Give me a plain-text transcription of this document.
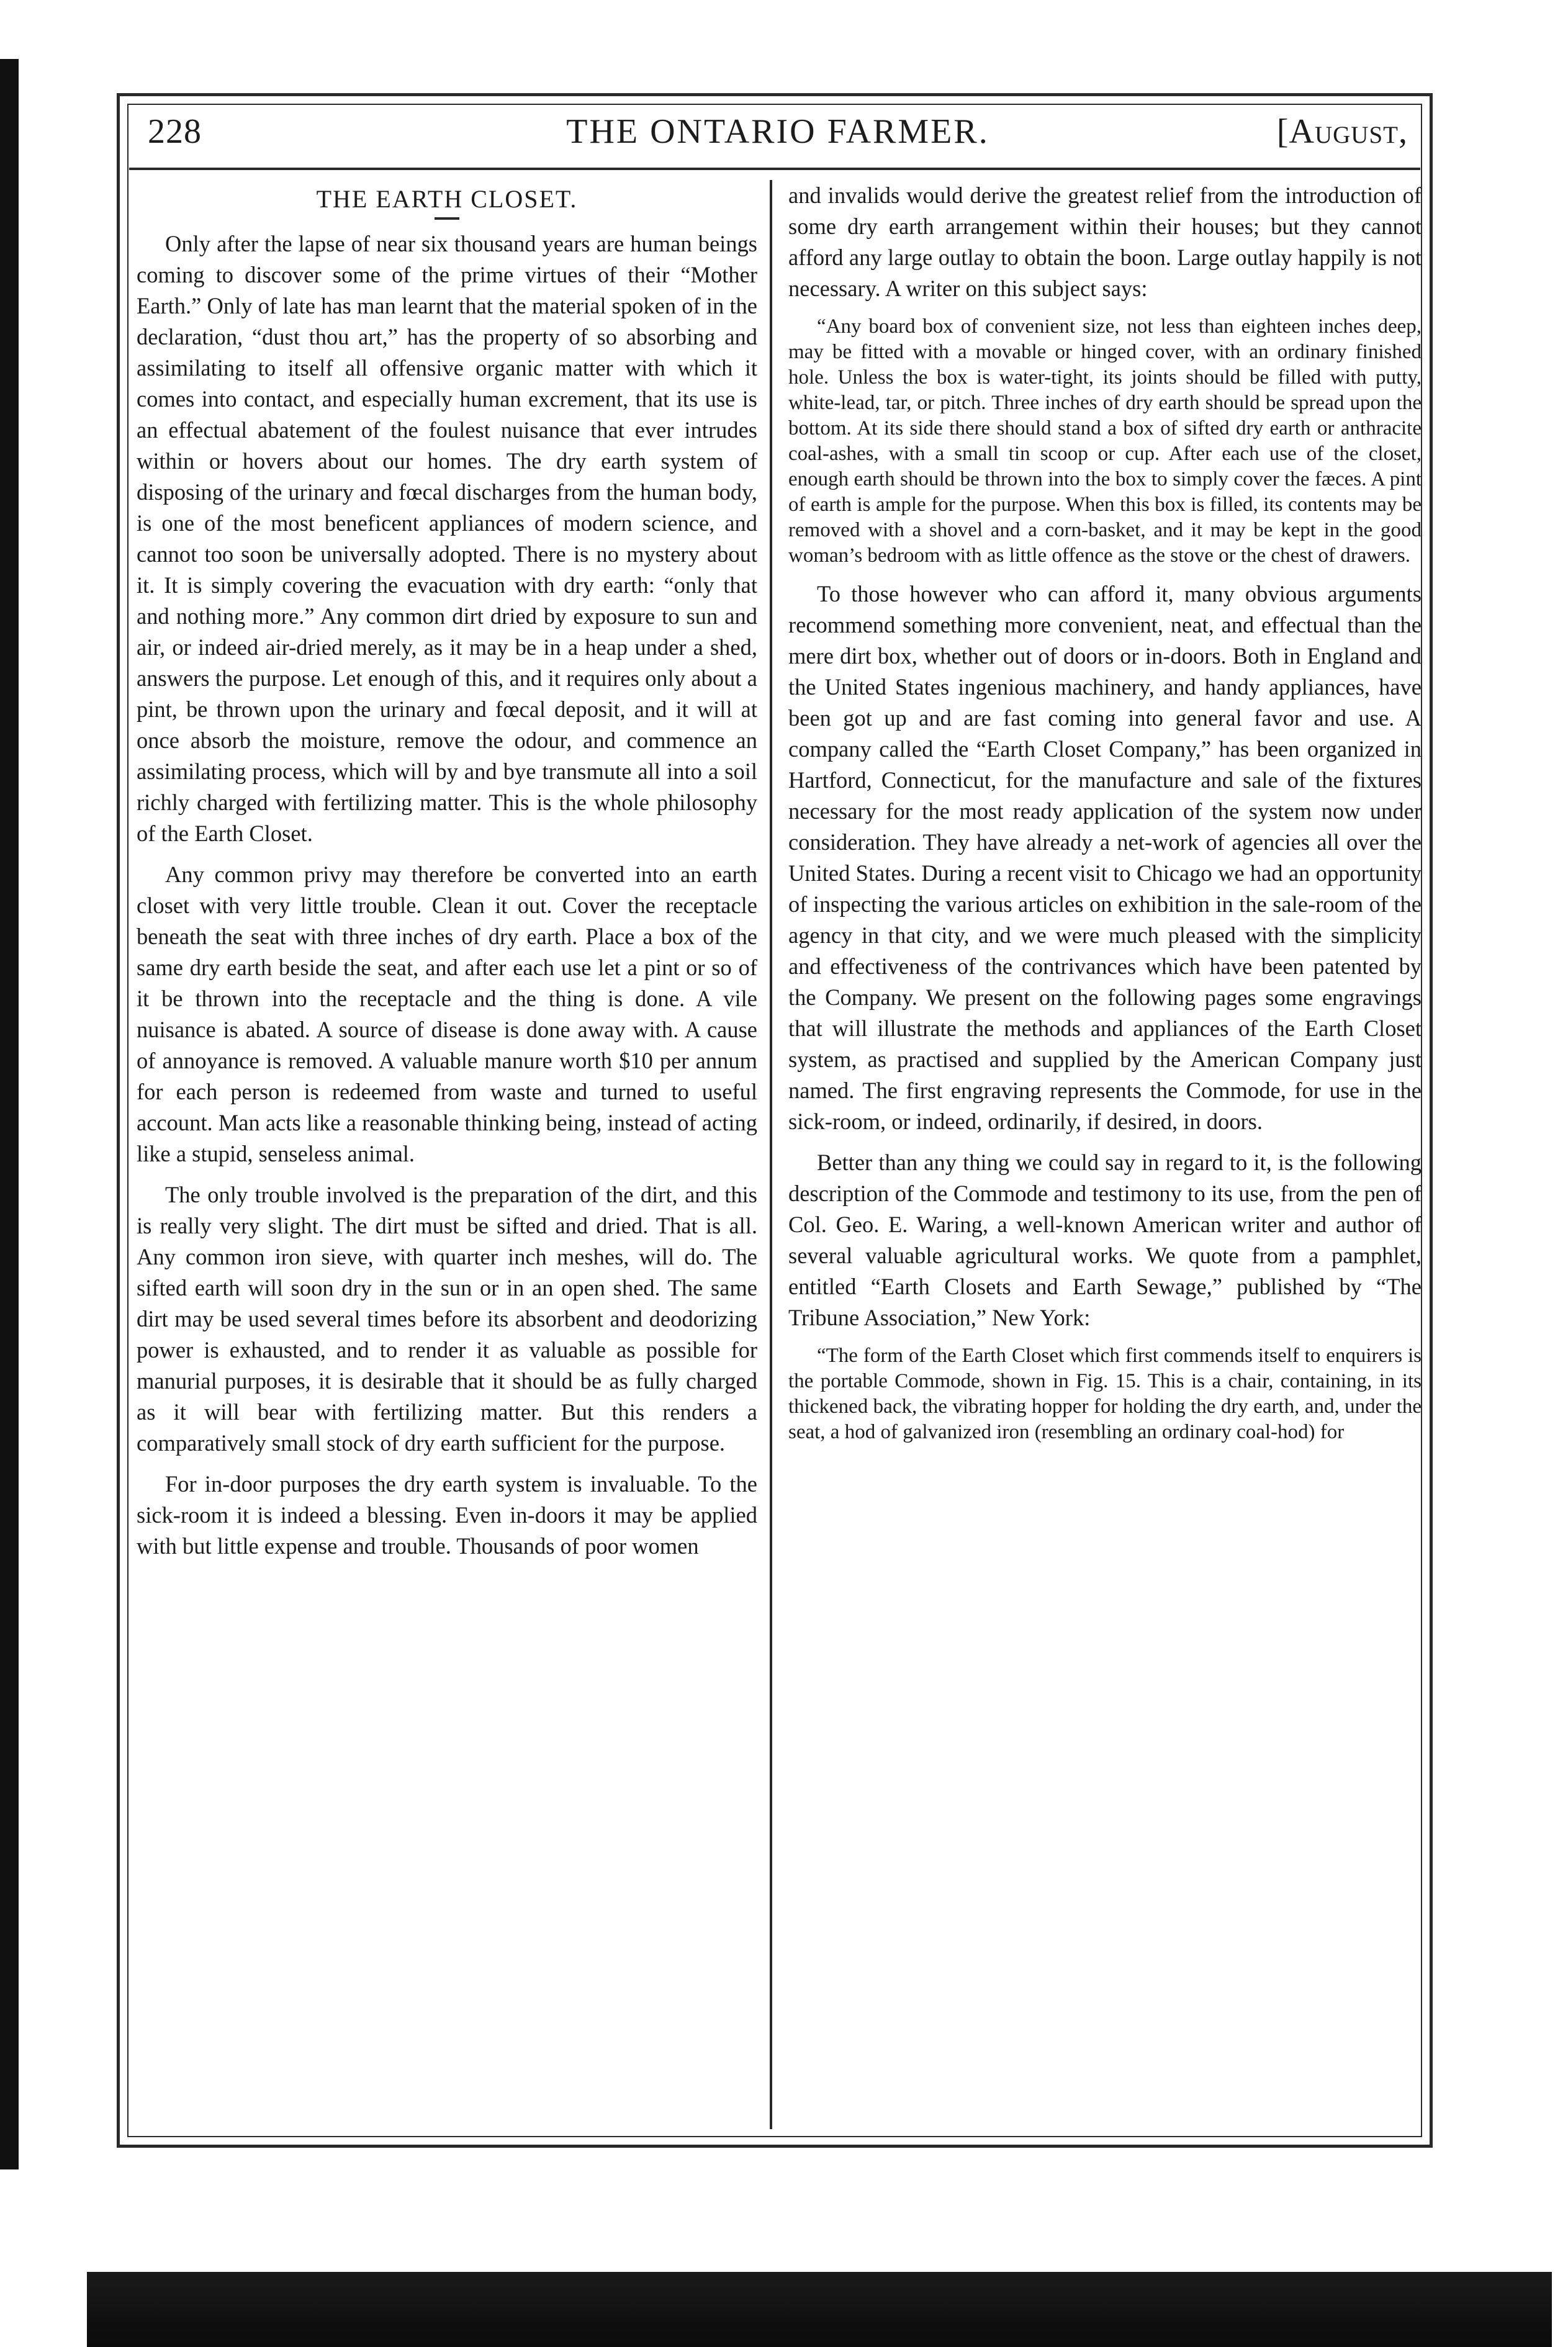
228	THE ONTARIO FARMER.	[August,
THE EARTH CLOSET.

Only after the lapse of near six thousand years are human beings coming to discover some of the prime virtues of their “Mother Earth.” Only of late has man learnt that the material spoken of in the declaration, “dust thou art,” has the property of so absorbing and assimilating to itself all offensive organic matter with which it comes into contact, and especially human excrement, that its use is an effectual abatement of the foulest nuisance that ever intrudes within or hovers about our homes. The dry earth system of disposing of the urinary and fœcal discharges from the human body, is one of the most beneficent appliances of modern science, and cannot too soon be universally adopted. There is no mystery about it. It is simply covering the evacuation with dry earth: “only that and nothing more.” Any common dirt dried by exposure to sun and air, or indeed air-dried merely, as it may be in a heap under a shed, answers the purpose. Let enough of this, and it requires only about a pint, be thrown upon the urinary and fœcal deposit, and it will at once absorb the moisture, remove the odour, and commence an assimilating process, which will by and bye transmute all into a soil richly charged with fertilizing matter. This is the whole philosophy of the Earth Closet.

Any common privy may therefore be converted into an earth closet with very little trouble. Clean it out. Cover the receptacle beneath the seat with three inches of dry earth. Place a box of the same dry earth beside the seat, and after each use let a pint or so of it be thrown into the receptacle and the thing is done. A vile nuisance is abated. A source of disease is done away with. A cause of annoyance is removed. A valuable manure worth $10 per annum for each person is redeemed from waste and turned to useful account. Man acts like a reasonable thinking being, instead of acting like a stupid, senseless animal.

The only trouble involved is the preparation of the dirt, and this is really very slight. The dirt must be sifted and dried. That is all. Any common iron sieve, with quarter inch meshes, will do. The sifted earth will soon dry in the sun or in an open shed. The same dirt may be used several times before its absorbent and deodorizing power is exhausted, and to render it as valuable as possible for manurial purposes, it is desirable that it should be as fully charged as it will bear with fertilizing matter. But this renders a comparatively small stock of dry earth sufficient for the purpose.

For in-door purposes the dry earth system is invaluable. To the sick-room it is indeed a blessing. Even in-doors it may be applied with but little expense and trouble. Thousands of poor women

and invalids would derive the greatest relief from the introduction of some dry earth arrangement within their houses; but they cannot afford any large outlay to obtain the boon. Large outlay happily is not necessary. A writer on this subject says:

“Any board box of convenient size, not less than eighteen inches deep, may be fitted with a movable or hinged cover, with an ordinary finished hole. Unless the box is water-tight, its joints should be filled with putty, white-lead, tar, or pitch. Three inches of dry earth should be spread upon the bottom. At its side there should stand a box of sifted dry earth or anthracite coal-ashes, with a small tin scoop or cup. After each use of the closet, enough earth should be thrown into the box to simply cover the fæces. A pint of earth is ample for the purpose. When this box is filled, its contents may be removed with a shovel and a corn-basket, and it may be kept in the good woman’s bedroom with as little offence as the stove or the chest of drawers.

To those however who can afford it, many obvious arguments recommend something more convenient, neat, and effectual than the mere dirt box, whether out of doors or in-doors. Both in England and the United States ingenious machinery, and handy appliances, have been got up and are fast coming into general favor and use. A company called the “Earth Closet Company,” has been organized in Hartford, Connecticut, for the manufacture and sale of the fixtures necessary for the most ready application of the system now under consideration. They have already a net-work of agencies all over the United States. During a recent visit to Chicago we had an opportunity of inspecting the various articles on exhibition in the sale-room of the agency in that city, and we were much pleased with the simplicity and effectiveness of the contrivances which have been patented by the Company. We present on the following pages some engravings that will illustrate the methods and appliances of the Earth Closet system, as practised and supplied by the American Company just named. The first engraving represents the Commode, for use in the sick-room, or indeed, ordinarily, if desired, in doors.

Better than any thing we could say in regard to it, is the following description of the Commode and testimony to its use, from the pen of Col. Geo. E. Waring, a well-known American writer and author of several valuable agricultural works. We quote from a pamphlet, entitled “Earth Closets and Earth Sewage,” published by “The Tribune Association,” New York:

“The form of the Earth Closet which first commends itself to enquirers is the portable Commode, shown in Fig. 15. This is a chair, containing, in its thickened back, the vibrating hopper for holding the dry earth, and, under the seat, a hod of galvanized iron (resembling an ordinary coal-hod) for
